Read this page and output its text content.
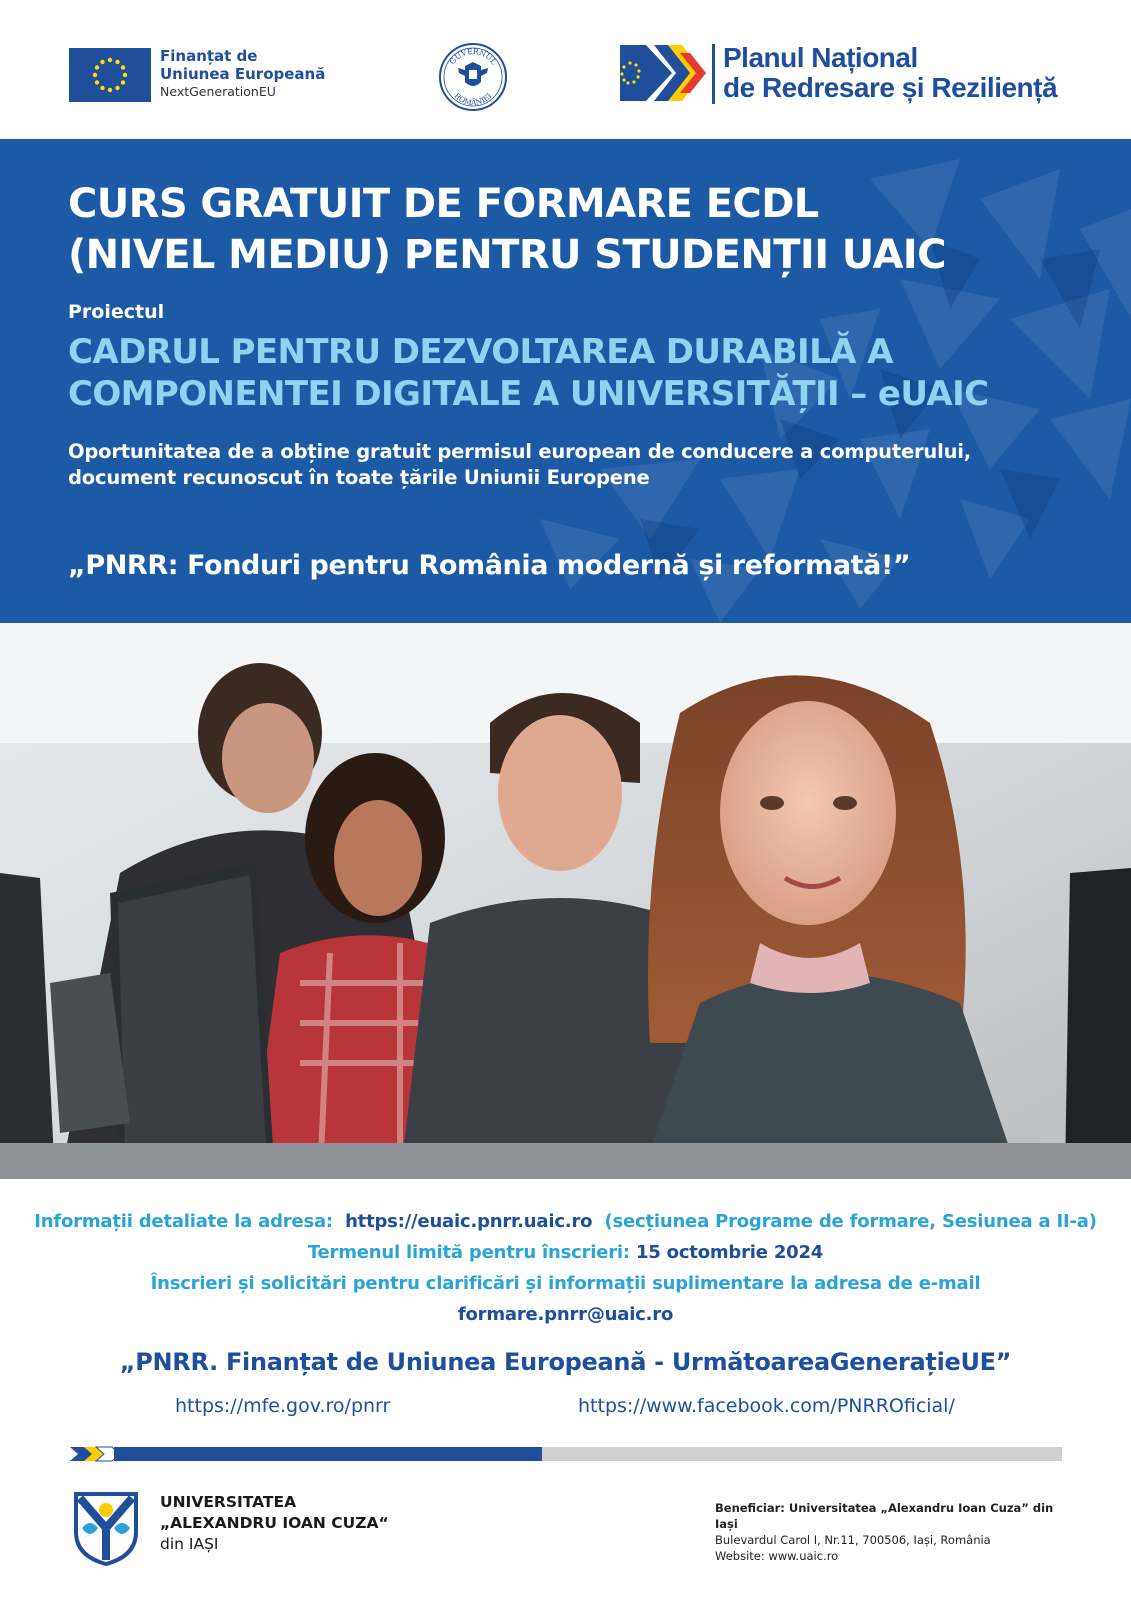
Finanțat de
Uniunea Europeană
NextGenerationEU
GUVERNUL
ROMÂNIEI
Planul Național
de Redresare și Reziliență
CURS GRATUIT DE FORMARE ECDL
(NIVEL MEDIU) PENTRU STUDENȚII UAIC
Proiectul
CADRUL PENTRU DEZVOLTAREA DURABILĂ A
COMPONENTEI DIGITALE A UNIVERSITĂȚII – eUAIC
Oportunitatea de a obține gratuit permisul european de conducere a computerului,
document recunoscut în toate țările Uniunii Europene
„PNRR: Fonduri pentru România modernă și reformată!”
Informații detaliate la adresa: https://euaic.pnrr.uaic.ro (secțiunea Programe de formare, Sesiunea a II-a)
Termenul limită pentru înscrieri: 15 octombrie 2024
Înscrieri și solicitări pentru clarificări și informații suplimentare la adresa de e-mail
formare.pnrr@uaic.ro
„PNRR. Finanțat de Uniunea Europeană - UrmătoareaGenerațieUE”
https://mfe.gov.ro/pnrr	https://www.facebook.com/PNRROficial/
UNIVERSITATEA
„ALEXANDRU IOAN CUZA“
din IAȘI
Beneficiar: Universitatea „Alexandru Ioan Cuza” din Iași
Bulevardul Carol I, Nr.11, 700506, Iași, România
Website: www.uaic.ro
